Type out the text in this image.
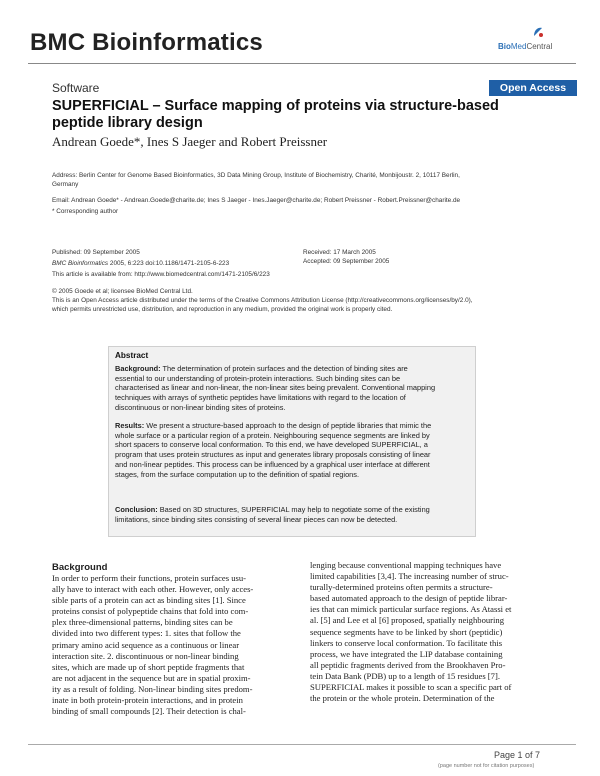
BMC Bioinformatics	BioMedCentral
Software	Open Access
SUPERFICIAL – Surface mapping of proteins via structure-based
peptide library design
Andrean Goede*, Ines S Jaeger and Robert Preissner
Address: Berlin Center for Genome Based Bioinformatics, 3D Data Mining Group, Institute of Biochemistry, Charité, Monbijoustr. 2, 10117 Berlin,
Germany
Email: Andrean Goede* - Andrean.Goede@charite.de; Ines S Jaeger - Ines.Jaeger@charite.de; Robert Preissner - Robert.Preissner@charite.de
* Corresponding author
Published: 09 September 2005	Received: 17 March 2005
Accepted: 09 September 2005
BMC Bioinformatics 2005, 6:223 doi:10.1186/1471-2105-6-223
This article is available from: http://www.biomedcentral.com/1471-2105/6/223
© 2005 Goede et al; licensee BioMed Central Ltd.
This is an Open Access article distributed under the terms of the Creative Commons Attribution License (http://creativecommons.org/licenses/by/2.0),
which permits unrestricted use, distribution, and reproduction in any medium, provided the original work is properly cited.
Abstract
Background: The determination of protein surfaces and the detection of binding sites are
essential to our understanding of protein-protein interactions. Such binding sites can be
characterised as linear and non-linear, the non-linear sites being prevalent. Conventional mapping
techniques with arrays of synthetic peptides have limitations with regard to the location of
discontinuous or non-linear binding sites of proteins.
Results: We present a structure-based approach to the design of peptide libraries that mimic the
whole surface or a particular region of a protein. Neighbouring sequence segments are linked by
short spacers to conserve local conformation. To this end, we have developed SUPERFICIAL, a
program that uses protein structures as input and generates library proposals consisting of linear
and non-linear peptides. This process can be influenced by a graphical user interface at different
stages, from the surface computation up to the definition of spatial regions.
Conclusion: Based on 3D structures, SUPERFICIAL may help to negotiate some of the existing
limitations, since binding sites consisting of several linear pieces can now be detected.
Background
In order to perform their functions, protein surfaces usu-
ally have to interact with each other. However, only acces-
sible parts of a protein can act as binding sites [1]. Since
proteins consist of polypeptide chains that fold into com-
plex three-dimensional patterns, binding sites can be
divided into two different types: 1. sites that follow the
primary amino acid sequence as a continuous or linear
interaction site. 2. discontinuous or non-linear binding
sites, which are made up of short peptide fragments that
are not adjacent in the sequence but are in spatial proxim-
ity as a result of folding. Non-linear binding sites predom-
inate in both protein-protein interactions, and in protein
binding of small compounds [2]. Their detection is chal-
lenging because conventional mapping techniques have
limited capabilities [3,4]. The increasing number of struc-
turally-determined proteins often permits a structure-
based automated approach to the design of peptide librar-
ies that can mimick particular surface regions. As Atassi et
al. [5] and Lee et al [6] proposed, spatially neighbouring
sequence segments have to be linked by short (peptidic)
linkers to conserve local conformation. To facilitate this
process, we have integrated the LIP database containing
all peptidic fragments derived from the Brookhaven Pro-
tein Data Bank (PDB) up to a length of 15 residues [7].
SUPERFICIAL makes it possible to scan a specific part of
the protein or the whole protein. Determination of the
Page 1 of 7
(page number not for citation purposes)
